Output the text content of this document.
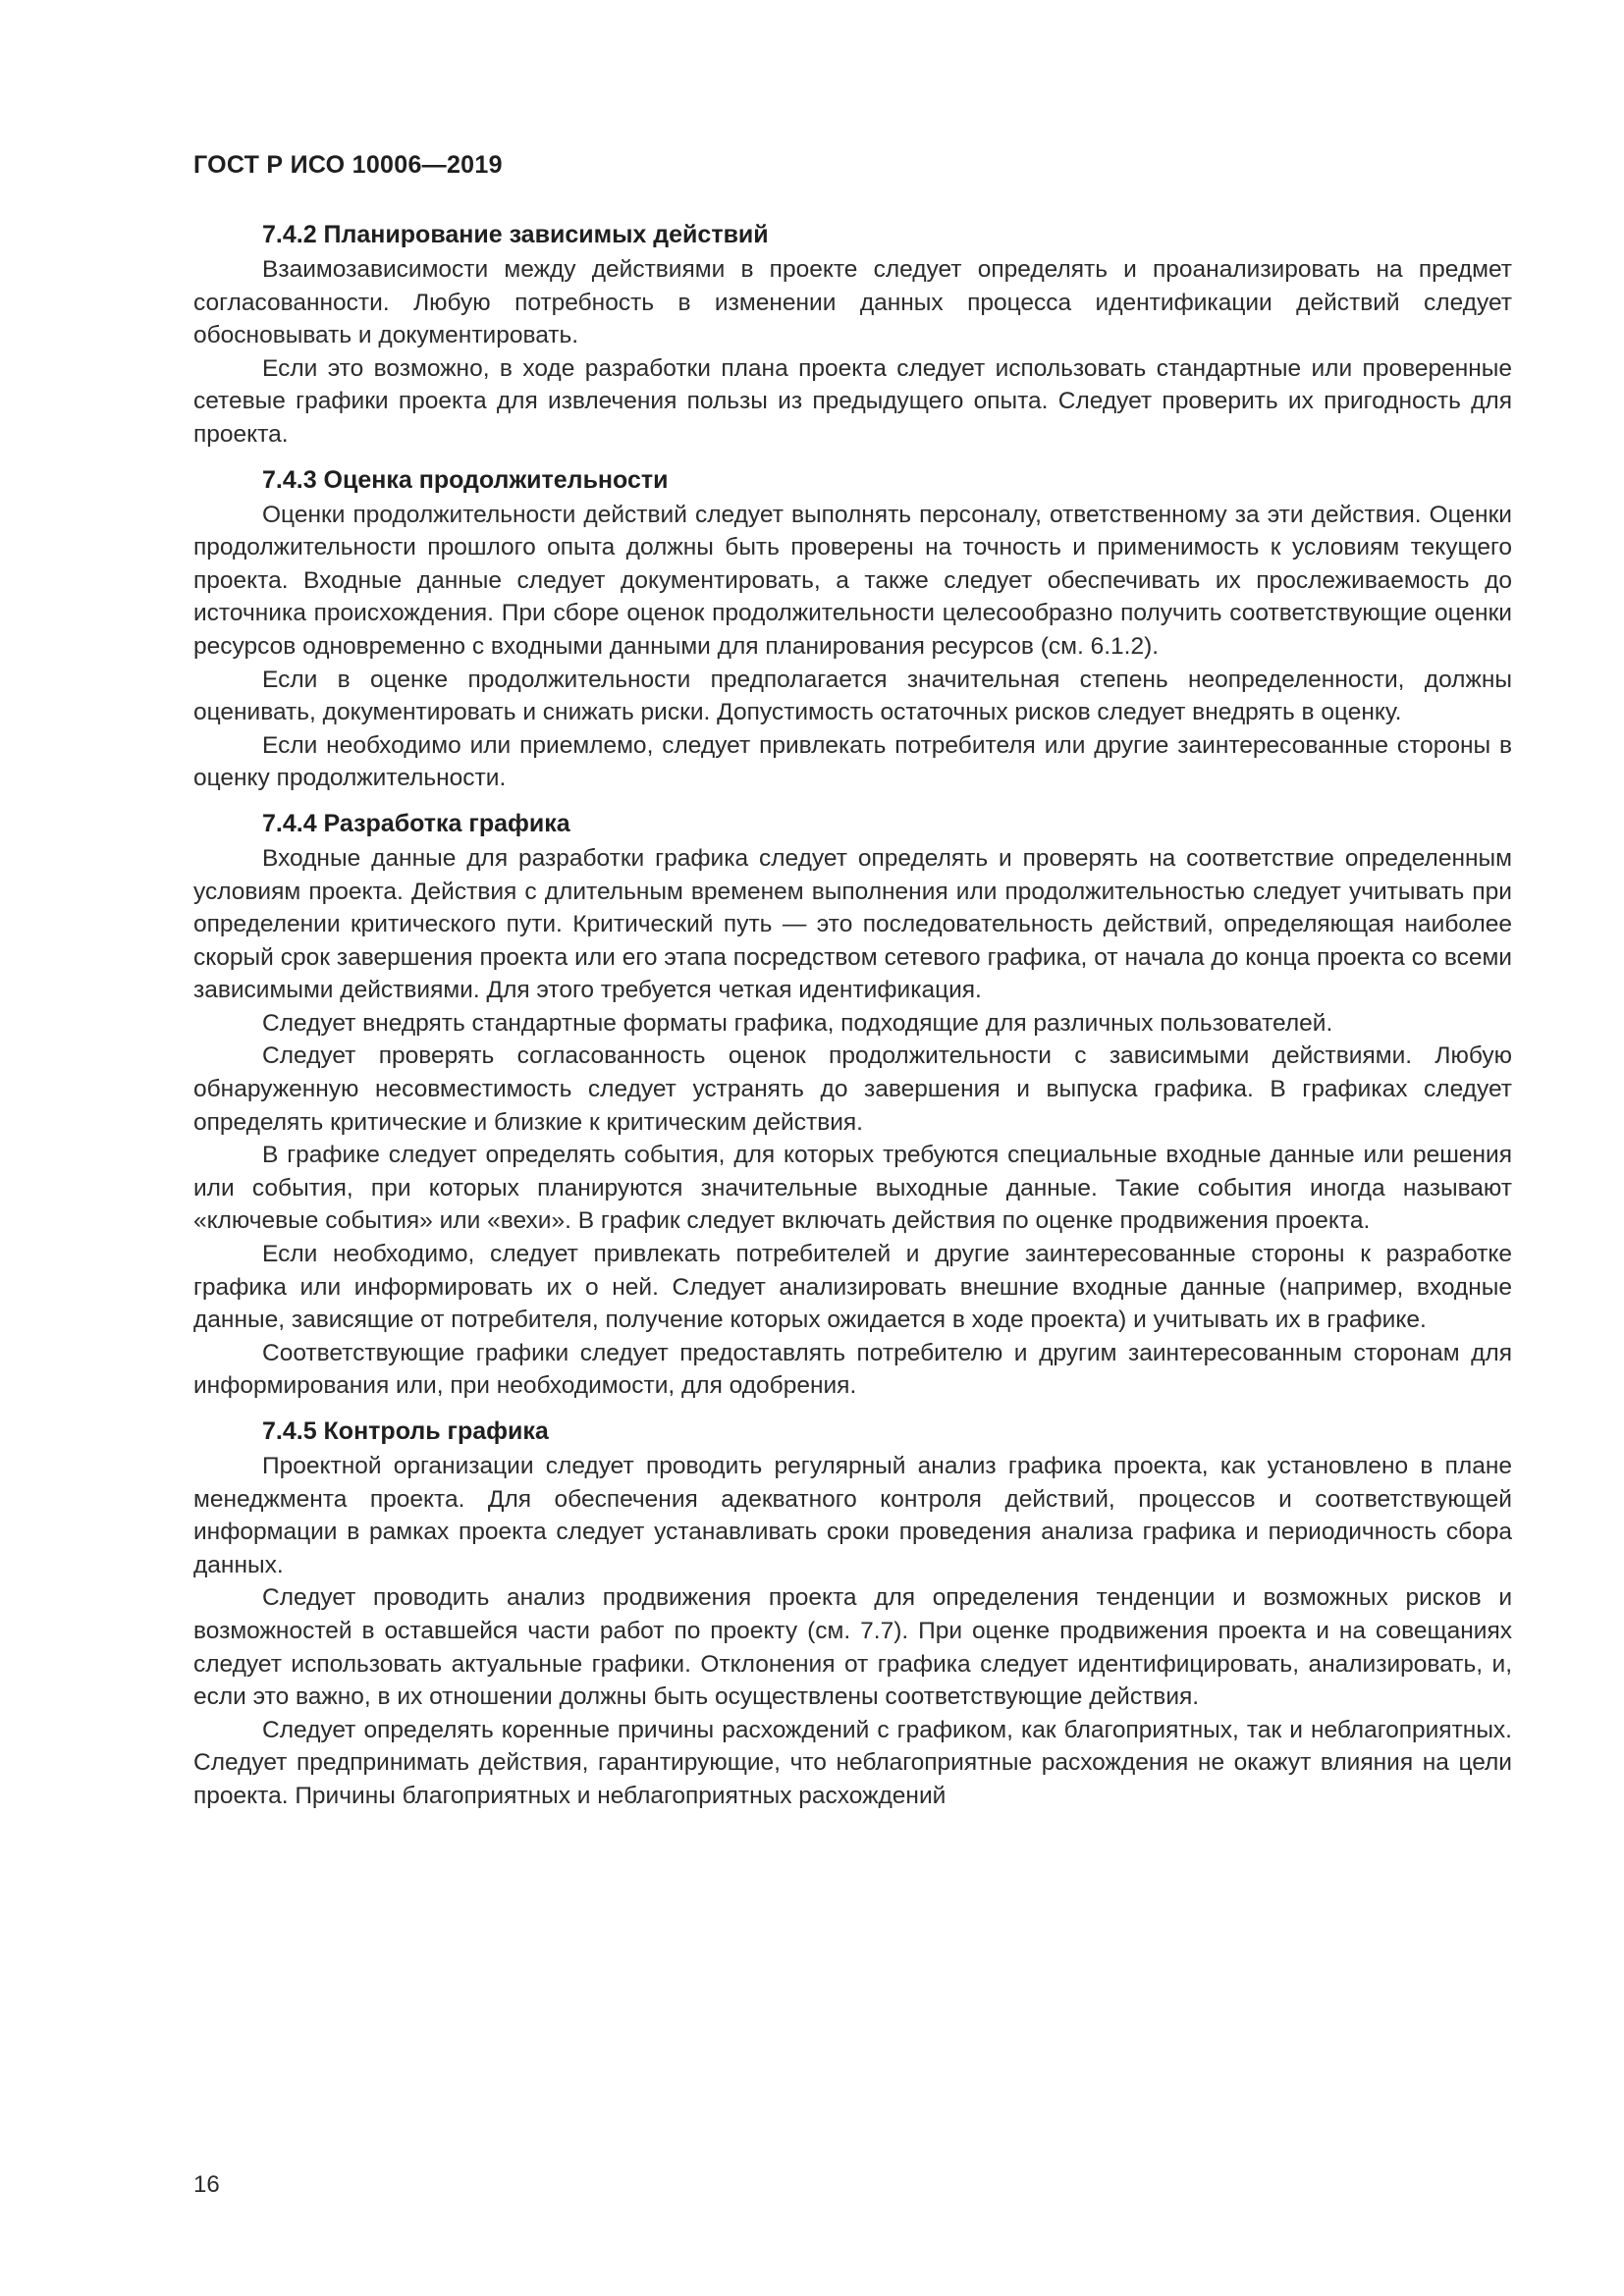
ГОСТ Р ИСО 10006—2019
7.4.2 Планирование зависимых действий

Взаимозависимости между действиями в проекте следует определять и проанализировать на предмет согласованности. Любую потребность в изменении данных процесса идентификации действий следует обосновывать и документировать.

Если это возможно, в ходе разработки плана проекта следует использовать стандартные или проверенные сетевые графики проекта для извлечения пользы из предыдущего опыта. Следует проверить их пригодность для проекта.

7.4.3 Оценка продолжительности

Оценки продолжительности действий следует выполнять персоналу, ответственному за эти действия. Оценки продолжительности прошлого опыта должны быть проверены на точность и применимость к условиям текущего проекта. Входные данные следует документировать, а также следует обеспечивать их прослеживаемость до источника происхождения. При сборе оценок продолжительности целесообразно получить соответствующие оценки ресурсов одновременно с входными данными для планирования ресурсов (см. 6.1.2).

Если в оценке продолжительности предполагается значительная степень неопределенности, должны оценивать, документировать и снижать риски. Допустимость остаточных рисков следует внедрять в оценку.

Если необходимо или приемлемо, следует привлекать потребителя или другие заинтересованные стороны в оценку продолжительности.

7.4.4 Разработка графика

Входные данные для разработки графика следует определять и проверять на соответствие определенным условиям проекта. Действия с длительным временем выполнения или продолжительностью следует учитывать при определении критического пути. Критический путь — это последовательность действий, определяющая наиболее скорый срок завершения проекта или его этапа посредством сетевого графика, от начала до конца проекта со всеми зависимыми действиями. Для этого требуется четкая идентификация.

Следует внедрять стандартные форматы графика, подходящие для различных пользователей.

Следует проверять согласованность оценок продолжительности с зависимыми действиями. Любую обнаруженную несовместимость следует устранять до завершения и выпуска графика. В графиках следует определять критические и близкие к критическим действия.

В графике следует определять события, для которых требуются специальные входные данные или решения или события, при которых планируются значительные выходные данные. Такие события иногда называют «ключевые события» или «вехи». В график следует включать действия по оценке продвижения проекта.

Если необходимо, следует привлекать потребителей и другие заинтересованные стороны к разработке графика или информировать их о ней. Следует анализировать внешние входные данные (например, входные данные, зависящие от потребителя, получение которых ожидается в ходе проекта) и учитывать их в графике.

Соответствующие графики следует предоставлять потребителю и другим заинтересованным сторонам для информирования или, при необходимости, для одобрения.

7.4.5 Контроль графика

Проектной организации следует проводить регулярный анализ графика проекта, как установлено в плане менеджмента проекта. Для обеспечения адекватного контроля действий, процессов и соответствующей информации в рамках проекта следует устанавливать сроки проведения анализа графика и периодичность сбора данных.

Следует проводить анализ продвижения проекта для определения тенденции и возможных рисков и возможностей в оставшейся части работ по проекту (см. 7.7). При оценке продвижения проекта и на совещаниях следует использовать актуальные графики. Отклонения от графика следует идентифицировать, анализировать, и, если это важно, в их отношении должны быть осуществлены соответствующие действия.

Следует определять коренные причины расхождений с графиком, как благоприятных, так и неблагоприятных. Следует предпринимать действия, гарантирующие, что неблагоприятные расхождения не окажут влияния на цели проекта. Причины благоприятных и неблагоприятных расхождений

16
